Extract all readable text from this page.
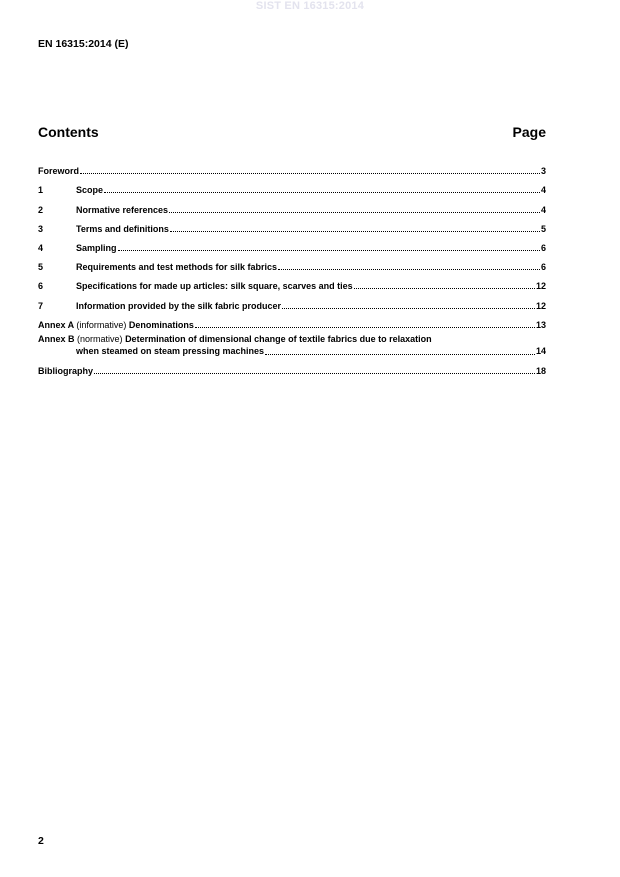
SIST EN 16315:2014
EN 16315:2014 (E)
Contents	Page
Foreword	3
1	Scope	4
2	Normative references	4
3	Terms and definitions	5
4	Sampling	6
5	Requirements and test methods for silk fabrics	6
6	Specifications for made up articles: silk square, scarves and ties	12
7	Information provided by the silk fabric producer	12
Annex A (informative) Denominations	13
Annex B (normative) Determination of dimensional change of textile fabrics due to relaxation
when steamed on steam pressing machines	14
Bibliography	18
2
